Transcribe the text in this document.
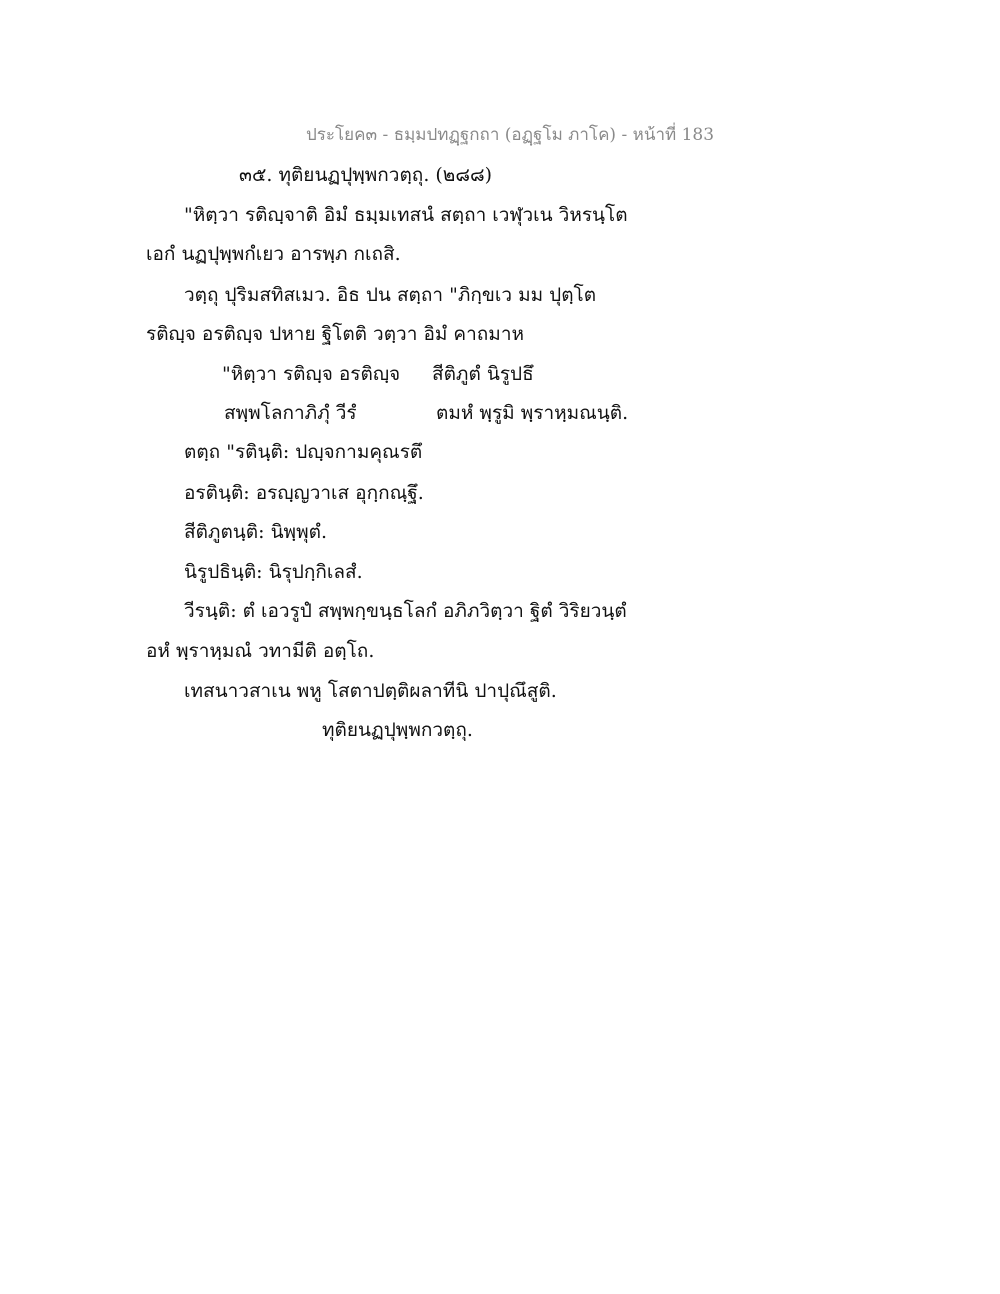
ประโยค๓ - ธมฺมปทฏฺฐกถา (อฏฺฐโม ภาโค) - หน้าที่ 183
๓๕. ทุติยนฏปุพฺพกวตฺถุ. (๒๘๘)
"หิตฺวา รติญฺจาติ อิมํ ธมฺมเทสนํ สตฺถา เวฬุวเน วิหรนฺโต
เอกํ นฏปุพฺพกํเยว อารพฺภ กเถสิ.
วตฺถุ ปุริมสทิสเมว. อิธ ปน สตฺถา "ภิกฺขเว มม ปุตฺโต
รติญฺจ อรติญฺจ ปหาย ฐิโตติ วตฺวา อิมํ คาถมาห
"หิตฺวา รติญฺจ อรติญฺจ สีติภูตํ นิรูปธึ
สพฺพโลกาภิภุํ วีรํ	ตมหํ พฺรูมิ พฺราหฺมณนฺติ.
ตตฺถ "รตินฺติ: ปญฺจกามคุณรตึ
อรตินฺติ: อรญฺญวาเส อุกฺกณฺฐึ.
สีติภูตนฺติ: นิพฺพุตํ.
นิรูปธินฺติ: นิรุปกฺกิเลสํ.
วีรนฺติ: ตํ เอวรูปํ สพฺพกฺขนฺธโลกํ อภิภวิตฺวา ฐิตํ วิริยวนฺตํ
อหํ พฺราหฺมณํ วทามีติ อตฺโถ.
เทสนาวสาเน พหู โสตาปตฺติผลาทีนิ ปาปุณึสูติ.
ทุติยนฏปุพฺพกวตฺถุ.
